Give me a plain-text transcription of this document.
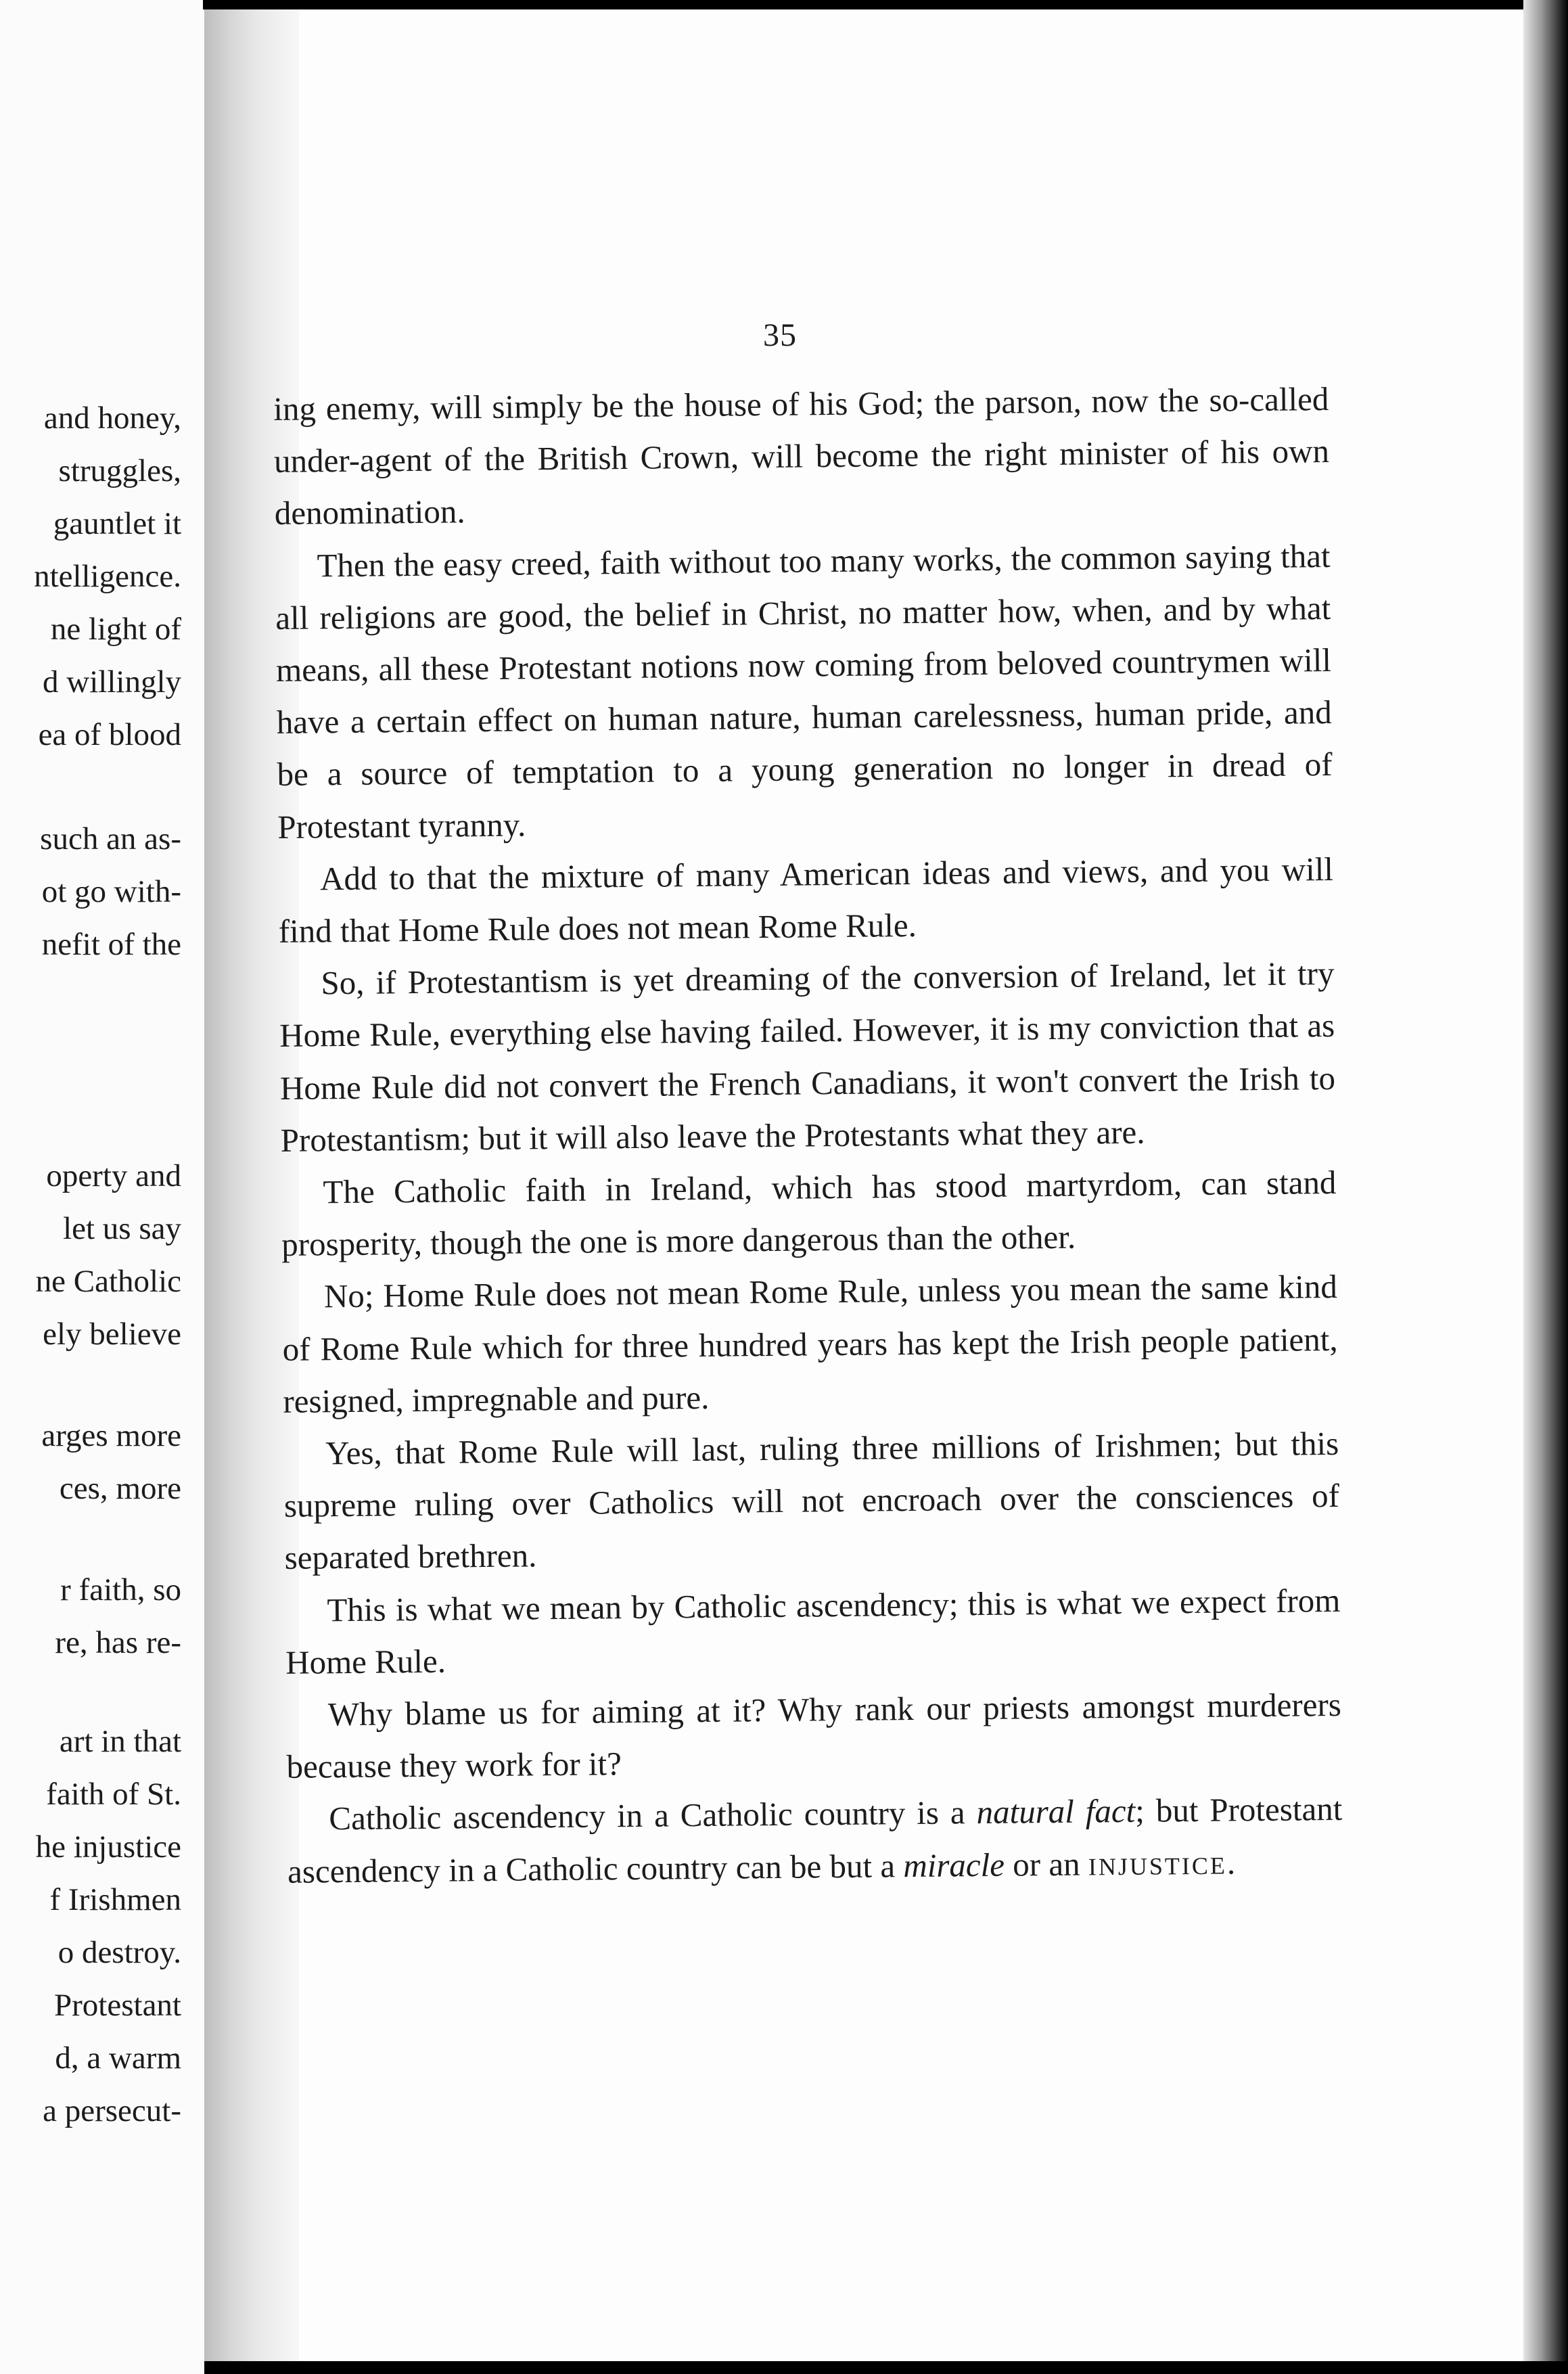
and honey,
struggles,
gauntlet it
ntelligence.
ne light of
d willingly
ea of blood
such an as-
ot go with-
nefit of the
operty and
let us say
ne Catholic
ely believe
arges more
ces, more
r faith, so
re, has re-
art in that
faith of St.
he injustice
f Irishmen
o destroy.
Protestant
d, a warm
a persecut-
35

ing enemy, will simply be the house of his God; the parson, now the so-called under-agent of the British Crown, will become the right minister of his own denomination.

Then the easy creed, faith without too many works, the common saying that all religions are good, the belief in Christ, no matter how, when, and by what means, all these Protestant notions now coming from beloved countrymen will have a certain effect on human nature, human carelessness, human pride, and be a source of temptation to a young generation no longer in dread of Protestant tyranny.

Add to that the mixture of many American ideas and views, and you will find that Home Rule does not mean Rome Rule.

So, if Protestantism is yet dreaming of the conversion of Ireland, let it try Home Rule, everything else having failed. However, it is my conviction that as Home Rule did not convert the French Canadians, it won't convert the Irish to Protestantism; but it will also leave the Protestants what they are.

The Catholic faith in Ireland, which has stood martyrdom, can stand prosperity, though the one is more dangerous than the other.

No; Home Rule does not mean Rome Rule, unless you mean the same kind of Rome Rule which for three hundred years has kept the Irish people patient, resigned, impregnable and pure.

Yes, that Rome Rule will last, ruling three millions of Irishmen; but this supreme ruling over Catholics will not encroach over the consciences of separated brethren.

This is what we mean by Catholic ascendency; this is what we expect from Home Rule.

Why blame us for aiming at it? Why rank our priests amongst murderers because they work for it?

Catholic ascendency in a Catholic country is a natural fact; but Protestant ascendency in a Catholic country can be but a miracle or an INJUSTICE.
